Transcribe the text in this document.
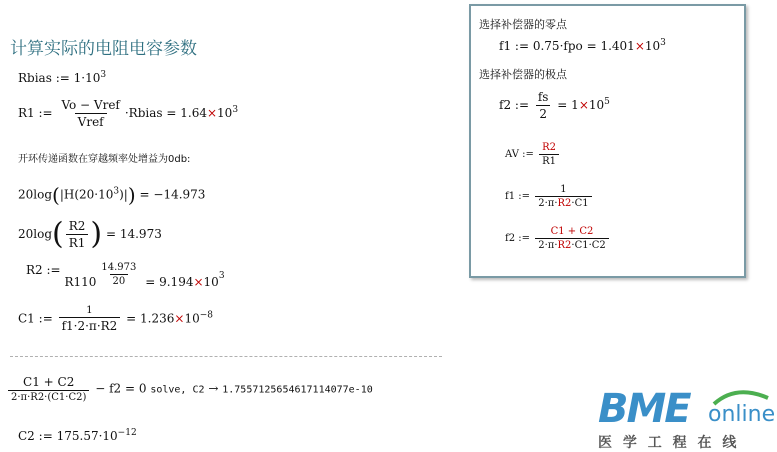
计算实际的电阻电容参数
Rbias := $1\cdot 10^3$
R1 := $\frac{\text{Vo − Vref}}{\text{Vref}}$ ·Rbias = $1.64\times 10^3$
开环传递函数在穿越频率处增益为0db:
$20\log(|H(20\cdot 10^3)|) = -14.973$
$20\log( \frac{R2}{R1}$ ) = 14.973
R2 := $R110 \frac{14.973}{20} = 9.194\times 10_3$
C1 := $\frac{1}{f1\cdot 2\cdot\pi\cdot R2} = 1.236\times 10^{-8}$
$\frac{C1 + C2}{2\cdot\pi\cdot R2\cdot(C1\cdot C2)} - f2 = 0$ solve, C2 → 1.7557125654617114077e-10
C2 := $175.57\cdot 10^{-12}$
选择补偿器的零点
f1 := $0.75\cdot fpo = 1.401\times 10^3$
选择补偿器的极点
f2 := $\frac{fs}{2} = 1\times 10^5$
AV := $\frac{R2}{R1}$
f1 := $\frac{1}{2\cdot\pi\cdot R2\cdot C1}$
f2 := $\frac{C1 + C2}{2\cdot\pi\cdot R2\cdot C1\cdot C2}$
BME online
医 学 工 程 在 线
